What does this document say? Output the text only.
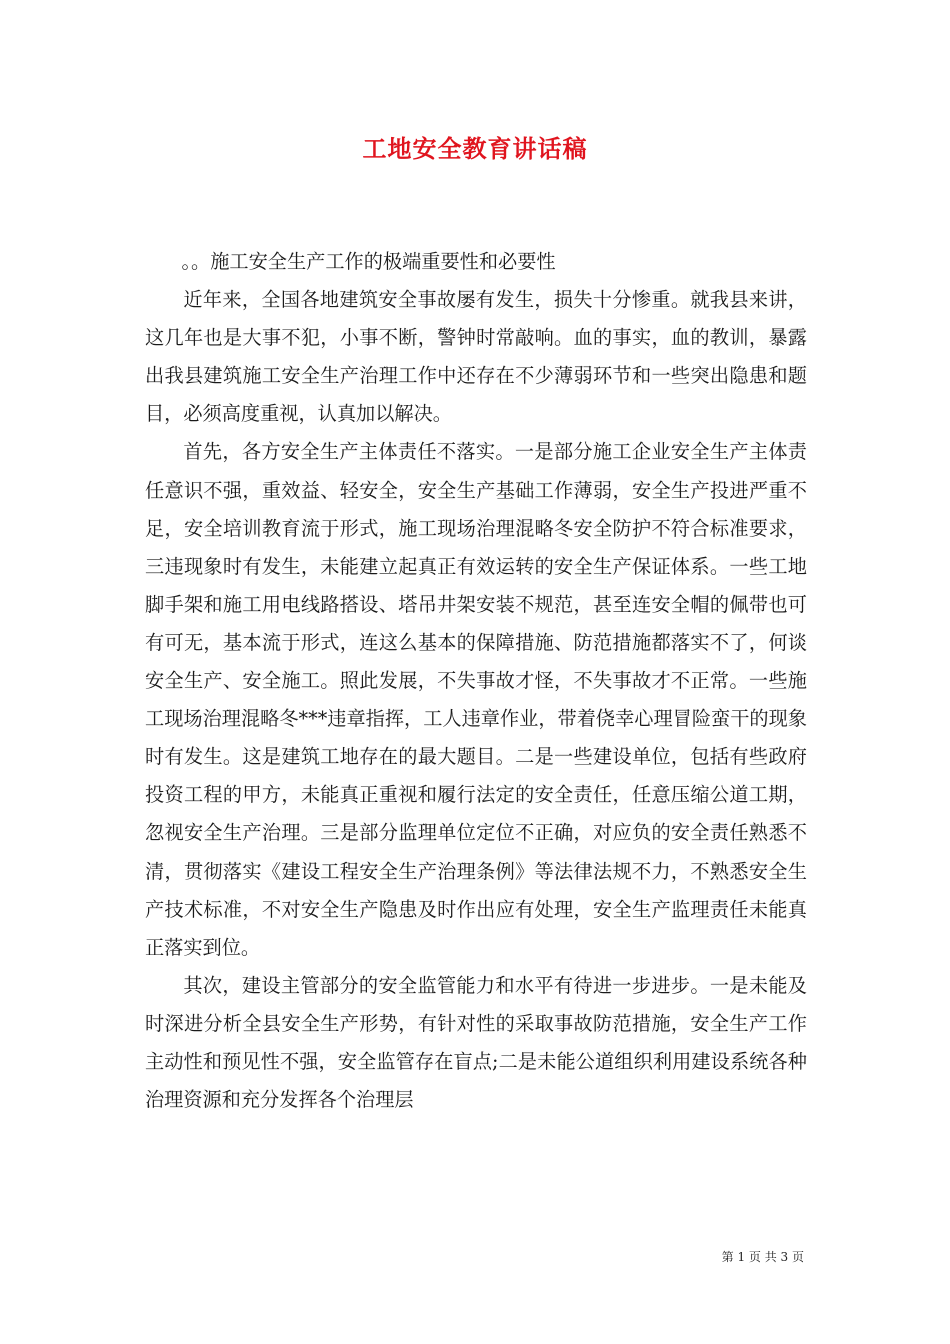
工地安全教育讲话稿

。。施工安全生产工作的极端重要性和必要性

近年来，全国各地建筑安全事故屡有发生，损失十分惨重。就我县来讲，这几年也是大事不犯，小事不断，警钟时常敲响。血的事实，血的教训，暴露出我县建筑施工安全生产治理工作中还存在不少薄弱环节和一些突出隐患和题目，必须高度重视，认真加以解决。

首先，各方安全生产主体责任不落实。一是部分施工企业安全生产主体责任意识不强，重效益、轻安全，安全生产基础工作薄弱，安全生产投进严重不足，安全培训教育流于形式，施工现场治理混略冬安全防护不符合标准要求，三违现象时有发生，未能建立起真正有效运转的安全生产保证体系。一些工地脚手架和施工用电线路搭设、塔吊井架安装不规范，甚至连安全帽的佩带也可有可无，基本流于形式，连这么基本的保障措施、防范措施都落实不了，何谈安全生产、安全施工。照此发展，不失事故才怪，不失事故才不正常。一些施工现场治理混略冬***违章指挥，工人违章作业，带着侥幸心理冒险蛮干的现象时有发生。这是建筑工地存在的最大题目。二是一些建设单位，包括有些政府投资工程的甲方，未能真正重视和履行法定的安全责任，任意压缩公道工期，忽视安全生产治理。三是部分监理单位定位不正确，对应负的安全责任熟悉不清，贯彻落实《建设工程安全生产治理条例》等法律法规不力，不熟悉安全生产技术标准，不对安全生产隐患及时作出应有处理，安全生产监理责任未能真正落实到位。

其次，建设主管部分的安全监管能力和水平有待进一步进步。一是未能及时深进分析全县安全生产形势，有针对性的采取事故防范措施，安全生产工作主动性和预见性不强，安全监管存在盲点;二是未能公道组织利用建设系统各种治理资源和充分发挥各个治理层

第 1 页 共 3 页
